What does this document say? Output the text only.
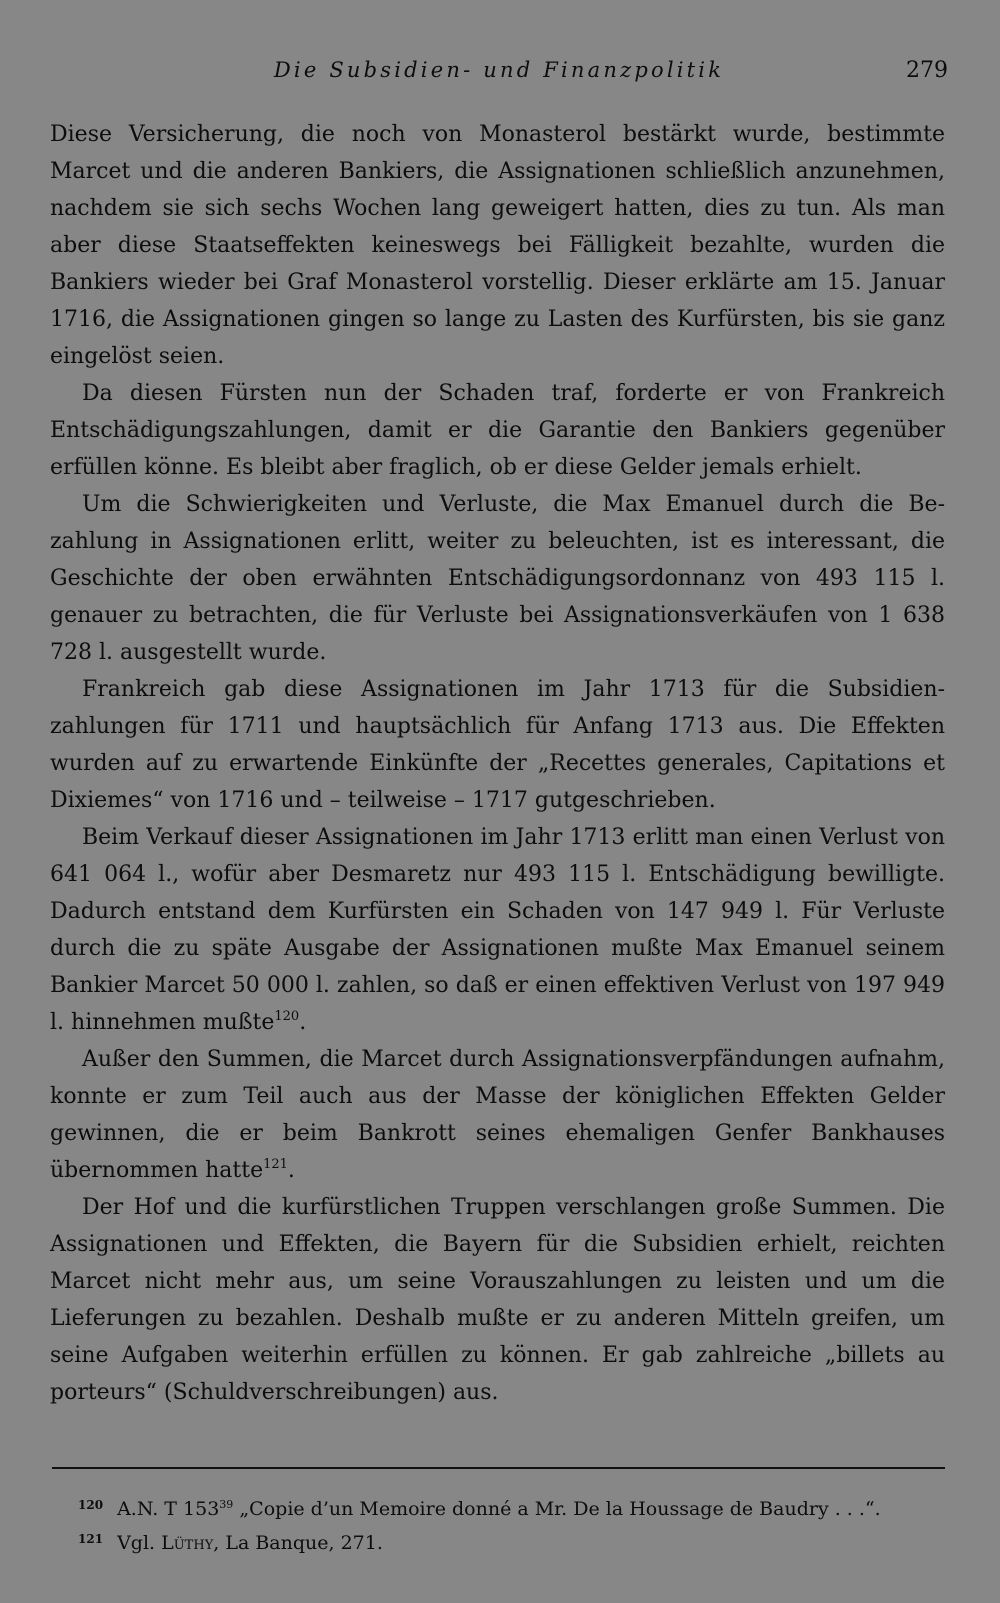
Die Subsidien- und Finanzpolitik	279

Diese Versicherung, die noch von Monasterol bestärkt wurde, bestimmte Marcet und die anderen Bankiers, die Assignationen schließlich anzunehmen, nachdem sie sich sechs Wochen lang geweigert hatten, dies zu tun. Als man aber diese Staatseffekten keineswegs bei Fälligkeit bezahlte, wurden die Bankiers wieder bei Graf Monasterol vorstellig. Dieser erklärte am 15. Januar 1716, die Assignationen gingen so lange zu Lasten des Kurfürsten, bis sie ganz eingelöst seien.

Da diesen Fürsten nun der Schaden traf, forderte er von Frankreich Entschädigungszahlungen, damit er die Garantie den Bankiers gegenüber erfüllen könne. Es bleibt aber fraglich, ob er diese Gelder jemals erhielt.

Um die Schwierigkeiten und Verluste, die Max Emanuel durch die Bezahlung in Assignationen erlitt, weiter zu beleuchten, ist es interessant, die Geschichte der oben erwähnten Entschädigungsordonnanz von 493 115 l. genauer zu betrachten, die für Verluste bei Assignationsverkäufen von 1 638 728 l. ausgestellt wurde.

Frankreich gab diese Assignationen im Jahr 1713 für die Subsidienzahlungen für 1711 und hauptsächlich für Anfang 1713 aus. Die Effekten wurden auf zu erwartende Einkünfte der „Recettes generales, Capitations et Dixiemes“ von 1716 und – teilweise – 1717 gutgeschrieben.

Beim Verkauf dieser Assignationen im Jahr 1713 erlitt man einen Verlust von 641 064 l., wofür aber Desmaretz nur 493 115 l. Entschädigung bewilligte. Dadurch entstand dem Kurfürsten ein Schaden von 147 949 l. Für Verluste durch die zu späte Ausgabe der Assignationen mußte Max Emanuel seinem Bankier Marcet 50 000 l. zahlen, so daß er einen effektiven Verlust von 197 949 l. hinnehmen mußte$^{120}$.

Außer den Summen, die Marcet durch Assignationsverpfändungen aufnahm, konnte er zum Teil auch aus der Masse der königlichen Effekten Gelder gewinnen, die er beim Bankrott seines ehemaligen Genfer Bankhauses übernommen hatte$^{121}$.

Der Hof und die kurfürstlichen Truppen verschlangen große Summen. Die Assignationen und Effekten, die Bayern für die Subsidien erhielt, reichten Marcet nicht mehr aus, um seine Vorauszahlungen zu leisten und um die Lieferungen zu bezahlen. Deshalb mußte er zu anderen Mitteln greifen, um seine Aufgaben weiterhin erfüllen zu können. Er gab zahlreiche „billets au porteurs“ (Schuldverschreibungen) aus.

$^{120}$ A.N. T 153$^{39}$ „Copie d’un Memoire donné a Mr. De la Houssage de Baudry . . .“.
$^{121}$ Vgl. Lüthy, La Banque, 271.
